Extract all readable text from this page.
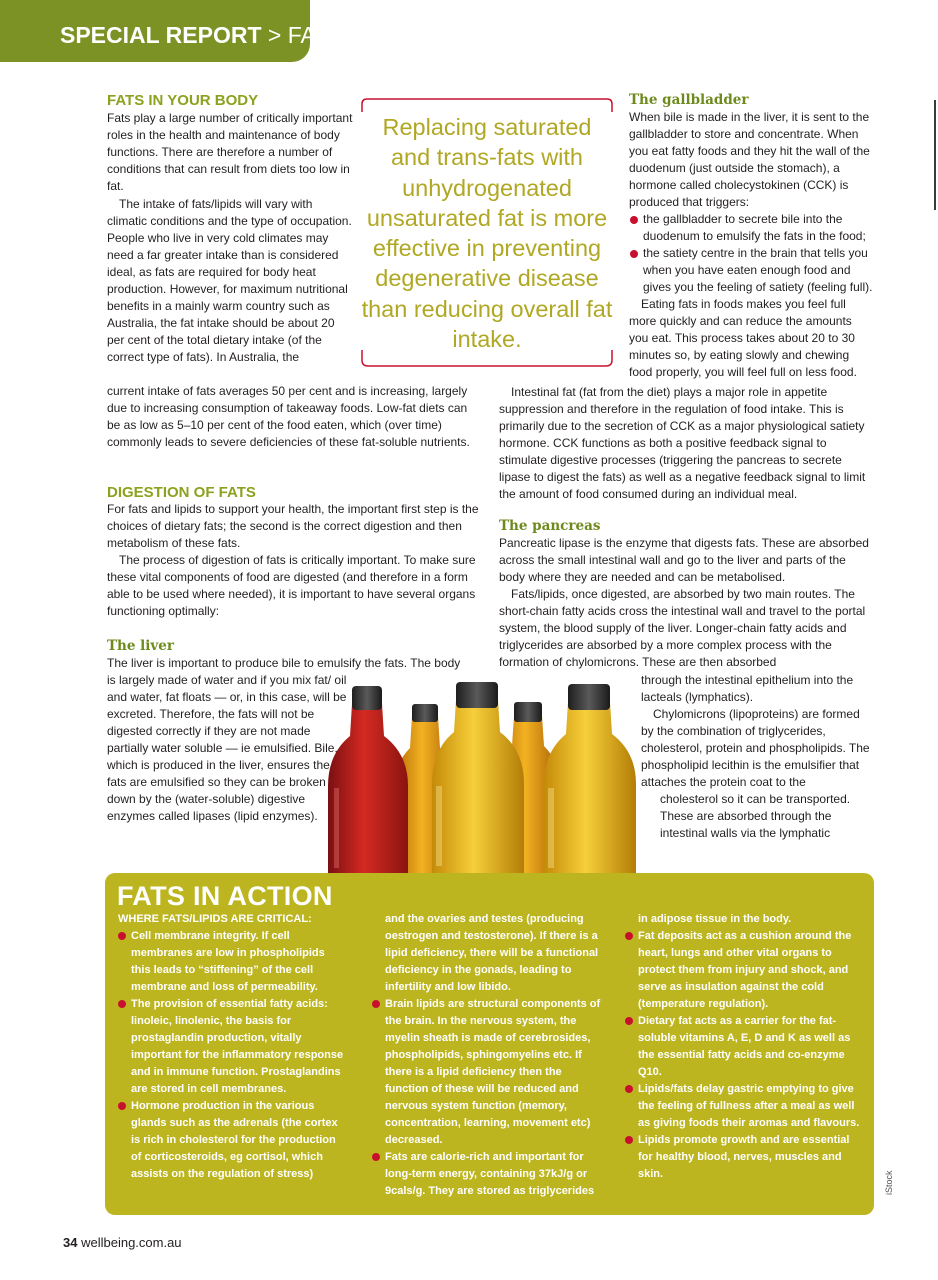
SPECIAL REPORT > FAT
FATS IN YOUR BODY

Fats play a large number of critically important roles in the health and maintenance of body functions. There are therefore a number of conditions that can result from diets too low in fat.

The intake of fats/lipids will vary with climatic conditions and the type of occupation. People who live in very cold climates may need a far greater intake than is considered ideal, as fats are required for body heat production. However, for maximum nutritional benefits in a mainly warm country such as Australia, the fat intake should be about 20 per cent of the total dietary intake (of the correct type of fats). In Australia, the

current intake of fats averages 50 per cent and is increasing, largely due to increasing consumption of takeaway foods. Low-fat diets can be as low as 5–10 per cent of the food eaten, which (over time) commonly leads to severe deficiencies of these fat-soluble nutrients.

DIGESTION OF FATS

For fats and lipids to support your health, the important first step is the choices of dietary fats; the second is the correct digestion and then metabolism of these fats.

The process of digestion of fats is critically important. To make sure these vital components of food are digested (and therefore in a form able to be used where needed), it is important to have several organs functioning optimally:

The liver

The liver is important to produce bile to emulsify the fats. The body

is largely made of water and if you mix fat/ oil and water, fat floats — or, in this case, will be excreted. Therefore, the fats will not be digested correctly if they are not made partially water soluble — ie emulsified. Bile, which is produced in the liver, ensures the fats are emulsified so they can be broken down by the (water-soluble) digestive enzymes called lipases (lipid enzymes).

Replacing saturated and trans-fats with unhydrogenated unsaturated fat is more effective in preventing degenerative disease than reducing overall fat intake.
The gallbladder

When bile is made in the liver, it is sent to the gallbladder to store and concentrate. When you eat fatty foods and they hit the wall of the duodenum (just outside the stomach), a hormone called cholecystokinen (CCK) is produced that triggers:

the gallbladder to secrete bile into the duodenum to emulsify the fats in the food;

the satiety centre in the brain that tells you when you have eaten enough food and gives you the feeling of satiety (feeling full).

Eating fats in foods makes you feel full more quickly and can reduce the amounts you eat. This process takes about 20 to 30 minutes so, by eating slowly and chewing food properly, you will feel full on less food.

Intestinal fat (fat from the diet) plays a major role in appetite suppression and therefore in the regulation of food intake. This is primarily due to the secretion of CCK as a major physiological satiety hormone. CCK functions as both a positive feedback signal to stimulate digestive processes (triggering the pancreas to secrete lipase to digest the fats) as well as a negative feedback signal to limit the amount of food consumed during an individual meal.

The pancreas

Pancreatic lipase is the enzyme that digests fats. These are absorbed across the small intestinal wall and go to the liver and parts of the body where they are needed and can be metabolised.

Fats/lipids, once digested, are absorbed by two main routes. The short-chain fatty acids cross the intestinal wall and travel to the portal system, the blood supply of the liver. Longer-chain fatty acids and triglycerides are absorbed by a more complex process with the formation of chylomicrons. These are then absorbed

through the intestinal epithelium into the lacteals (lymphatics).

Chylomicrons (lipoproteins) are formed by the combination of triglycerides, cholesterol, protein and phospholipids. The phospholipid lecithin is the emulsifier that attaches the protein coat to the

cholesterol so it can be transported. These are absorbed through the intestinal walls via the lymphatic

FATS IN ACTION

WHERE FATS/LIPIDS ARE CRITICAL:

Cell membrane integrity. If cell membranes are low in phospholipids this leads to “stiffening” of the cell membrane and loss of permeability.

The provision of essential fatty acids: linoleic, linolenic, the basis for prostaglandin production, vitally important for the inflammatory response and in immune function. Prostaglandins are stored in cell membranes.

Hormone production in the various glands such as the adrenals (the cortex is rich in cholesterol for the production of corticosteroids, eg cortisol, which assists on the regulation of stress)

and the ovaries and testes (producing oestrogen and testosterone). If there is a lipid deficiency, there will be a functional deficiency in the gonads, leading to infertility and low libido.

Brain lipids are structural components of the brain. In the nervous system, the myelin sheath is made of cerebrosides, phospholipids, sphingomyelins etc. If there is a lipid deficiency then the function of these will be reduced and nervous system function (memory, concentration, learning, movement etc) decreased.

Fats are calorie-rich and important for long-term energy, containing 37kJ/g or 9cals/g. They are stored as triglycerides

in adipose tissue in the body.

Fat deposits act as a cushion around the heart, lungs and other vital organs to protect them from injury and shock, and serve as insulation against the cold (temperature regulation).

Dietary fat acts as a carrier for the fat-soluble vitamins A, E, D and K as well as the essential fatty acids and co-enzyme Q10.

Lipids/fats delay gastric emptying to give the feeling of fullness after a meal as well as giving foods their aromas and flavours.

Lipids promote growth and are essential for healthy blood, nerves, muscles and skin.	iStock
34 wellbeing.com.au
